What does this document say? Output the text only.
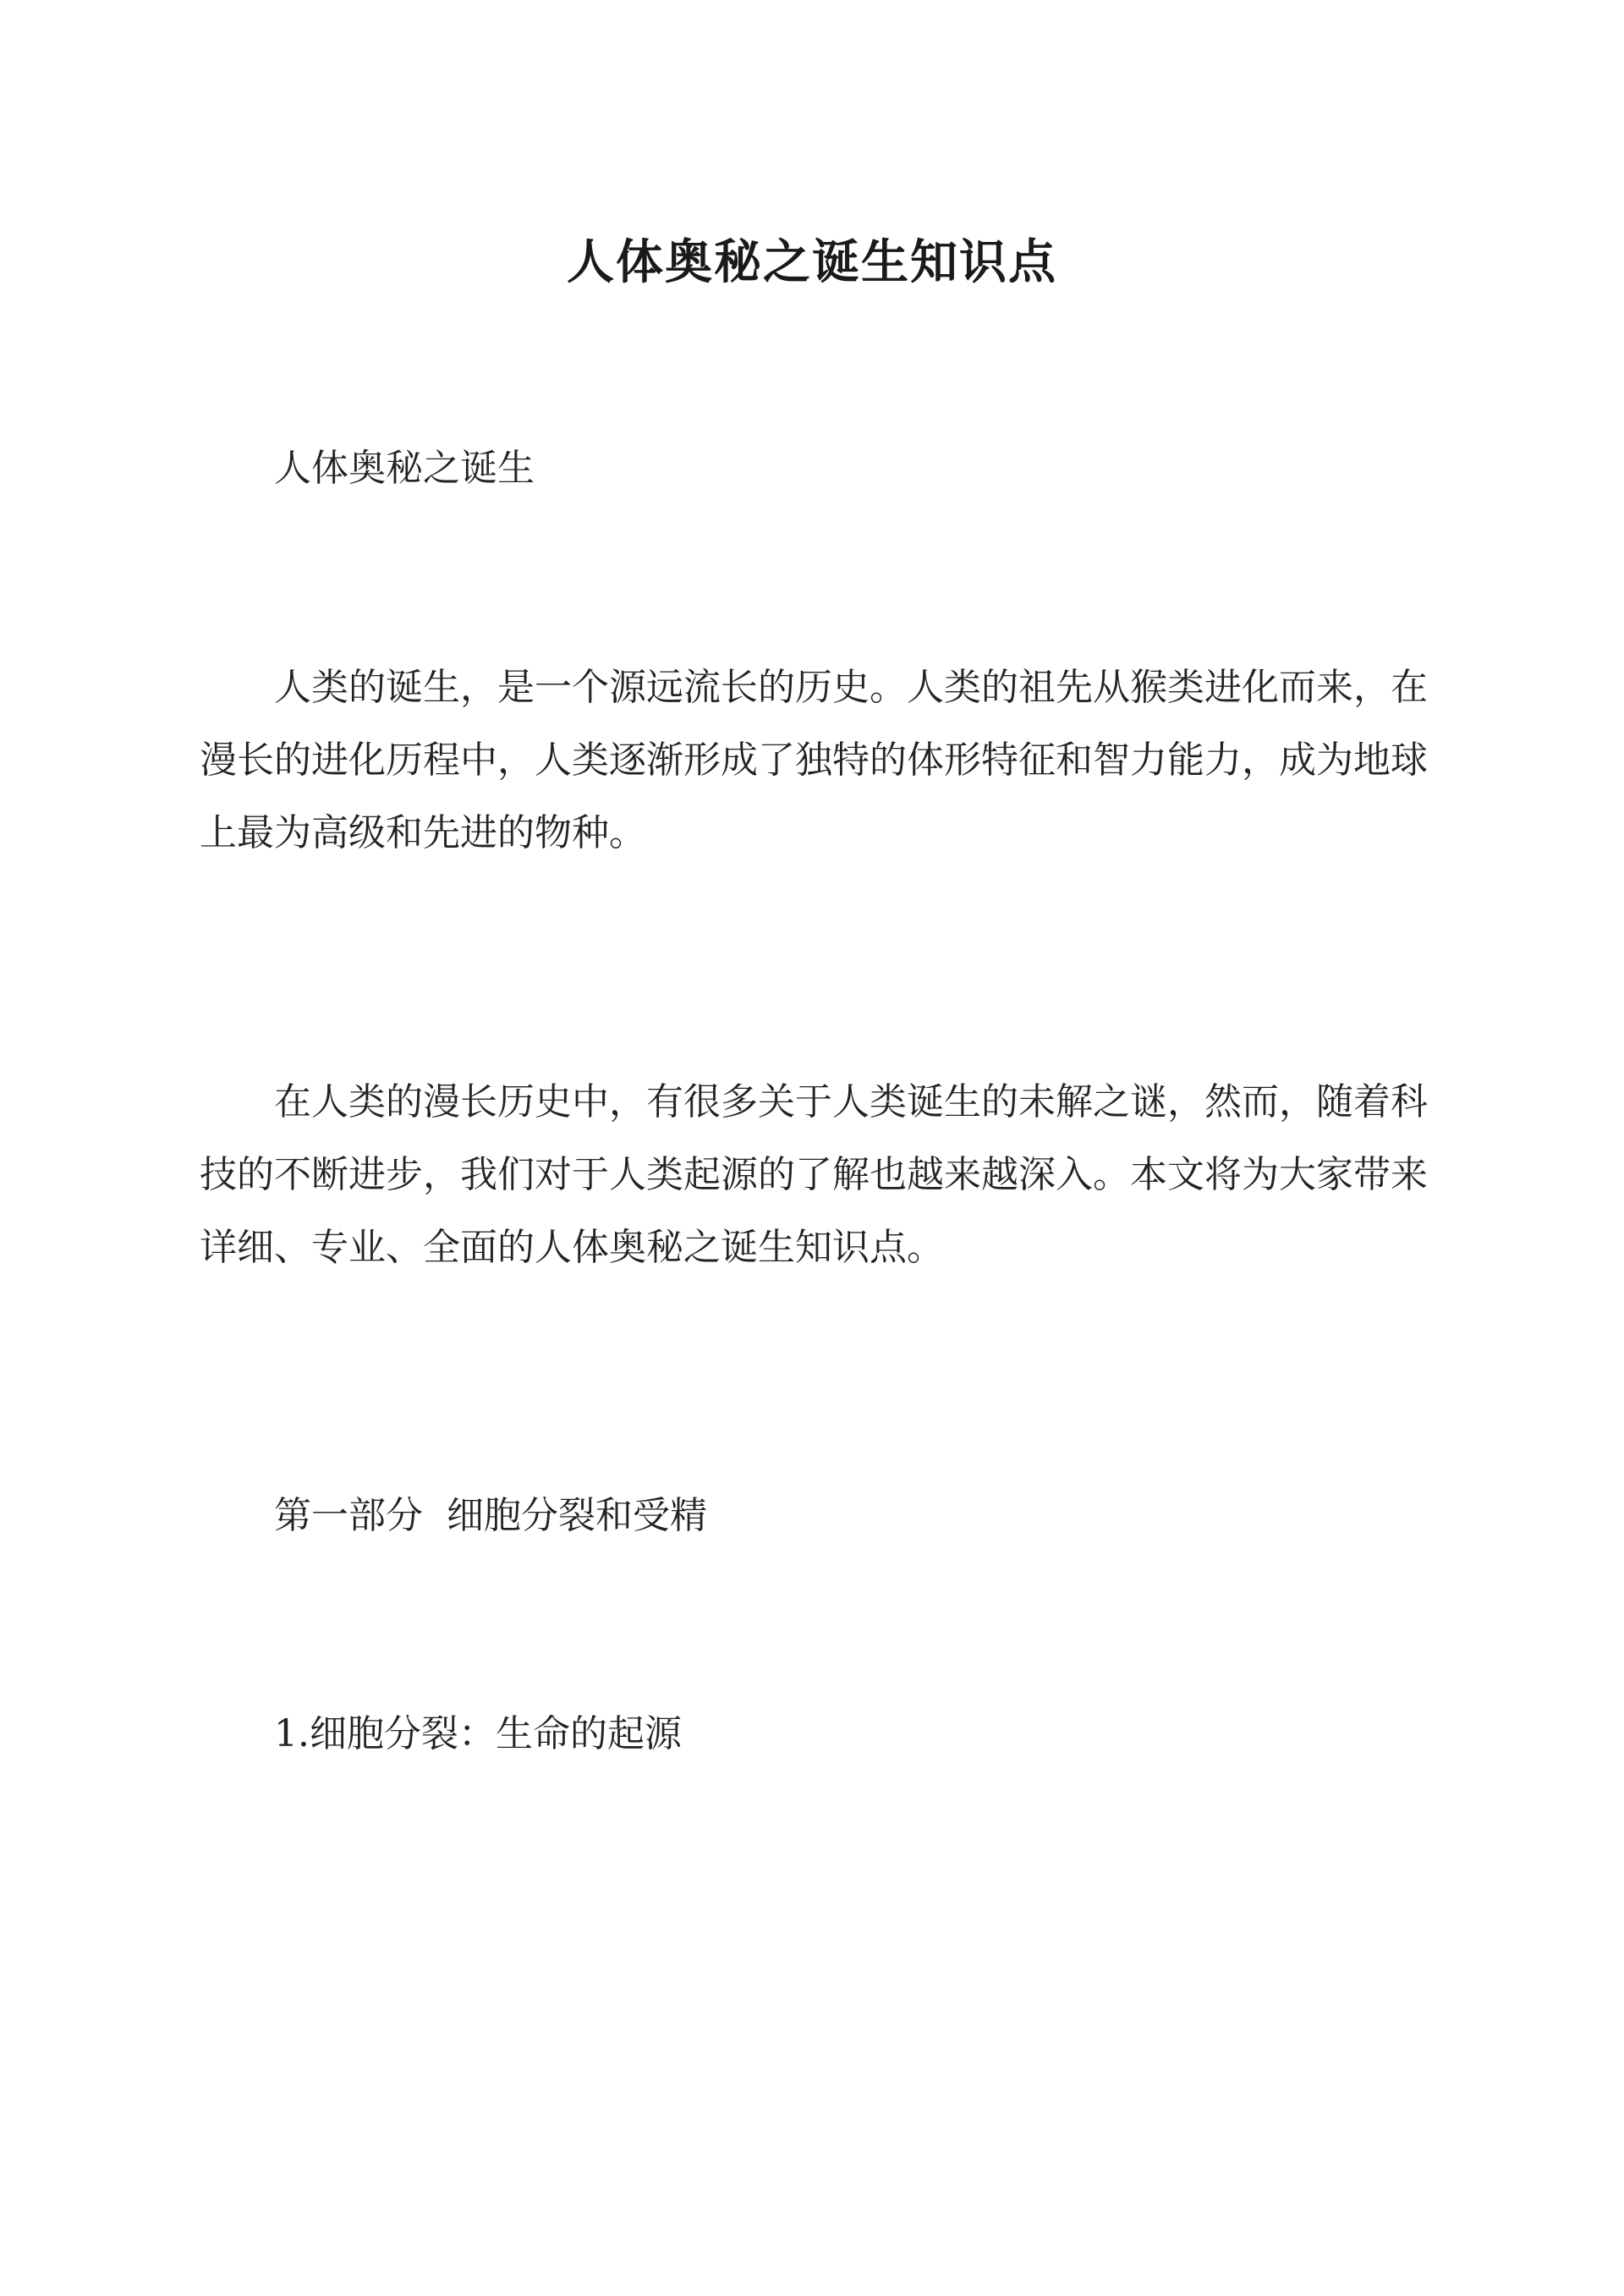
人体奥秘之诞生知识点

人体奥秘之诞生

人类的诞生，是一个源远流长的历史。人类的祖先从猴类进化而来，在漫长的进化历程中，人类逐渐形成了独特的体形特征和智力能力，成为地球上最为高级和先进的物种。

在人类的漫长历史中，有很多关于人类诞生的未解之谜，然而，随着科技的不断进步，我们对于人类起源的了解也越来越深入。本文将为大家带来详细、专业、全面的人体奥秘之诞生知识点。

第一部分  细胞分裂和受精

1.细胞分裂：生命的起源
